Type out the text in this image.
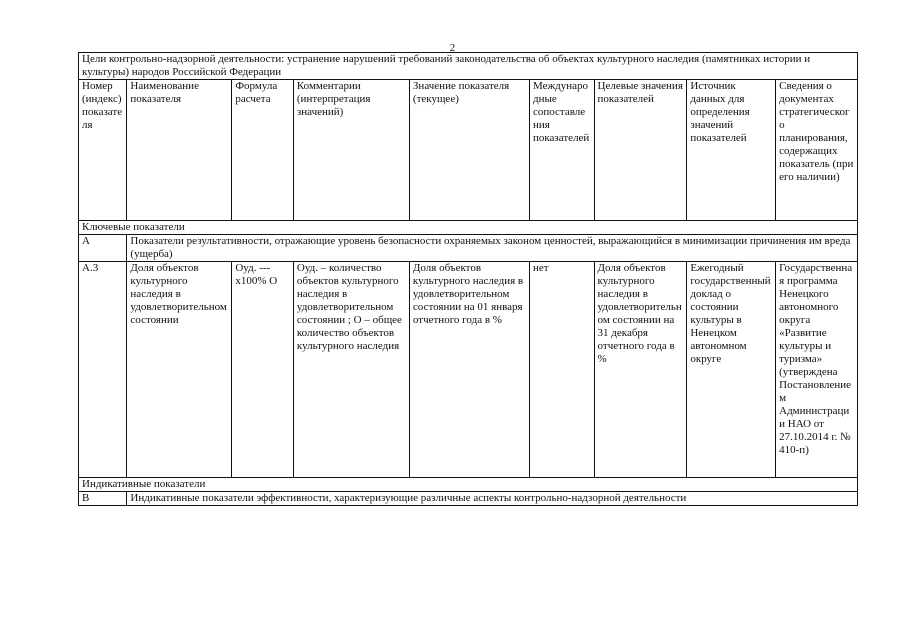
2
Цели контрольно-надзорной деятельности: устранение нарушений требований законодательства об объектах культурного наследия (памятниках истории и культуры) народов Российской Федерации								
Номер (индекс) показателя	Наименование показателя	Формула расчета	Комментарии (интерпретация значений)	Значение показателя (текущее)	Международные сопоставления показателей	Целевые значения показателей	Источник данных для определения значений показателей	Сведения о документах стратегического планирования, содержащих показатель (при его наличии)
Ключевые показатели								
А	Показатели результативности, отражающие уровень безопасности охраняемых законом ценностей, выражающийся в минимизации причинения им вреда (ущерба)							
А.3	Доля объектов культурного наследия в удовлетворительном состоянии	Оуд. ---х100% О	Оуд. – количество объектов культурного наследия в удовлетворительном состоянии ; О – общее количество объектов культурного наследия	Доля объектов культурного наследия в удовлетворительном состоянии на 01 января отчетного года в %	нет	Доля объектов культурного наследия в удовлетворительном состоянии на 31 декабря отчетного года в %	Ежегодный государственный доклад о состоянии культуры в Ненецком автономном округе	Государственная программа Ненецкого автономного округа «Развитие культуры и туризма» (утверждена Постановлением Администрации НАО от 27.10.2014 г. № 410-п)
Индикативные показатели								
В	Индикативные показатели эффективности, характеризующие различные аспекты контрольно-надзорной деятельности							
